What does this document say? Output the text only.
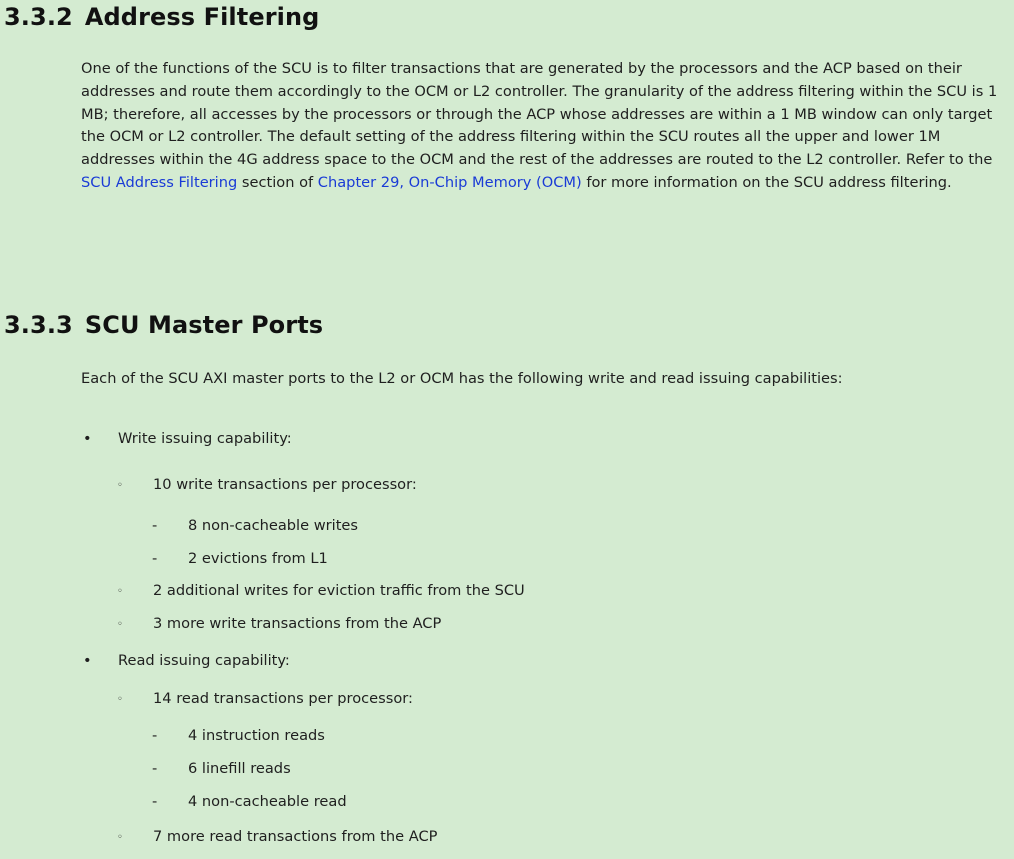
3.3.2 Address Filtering

One of the functions of the SCU is to filter transactions that are generated by the processors and the ACP based on their addresses and route them accordingly to the OCM or L2 controller. The granularity of the address filtering within the SCU is 1 MB; therefore, all accesses by the processors or through the ACP whose addresses are within a 1 MB window can only target the OCM or L2 controller. The default setting of the address filtering within the SCU routes all the upper and lower 1M addresses within the 4G address space to the OCM and the rest of the addresses are routed to the L2 controller. Refer to the SCU Address Filtering section of Chapter 29, On-Chip Memory (OCM) for more information on the SCU address filtering.

3.3.3 SCU Master Ports

Each of the SCU AXI master ports to the L2 or OCM has the following write and read issuing capabilities:

• Write issuing capability:
◦ 10 write transactions per processor:
- 8 non-cacheable writes
- 2 evictions from L1
◦ 2 additional writes for eviction traffic from the SCU
◦ 3 more write transactions from the ACP
• Read issuing capability:
◦ 14 read transactions per processor:
- 4 instruction reads
- 6 linefill reads
- 4 non-cacheable read
◦ 7 more read transactions from the ACP
